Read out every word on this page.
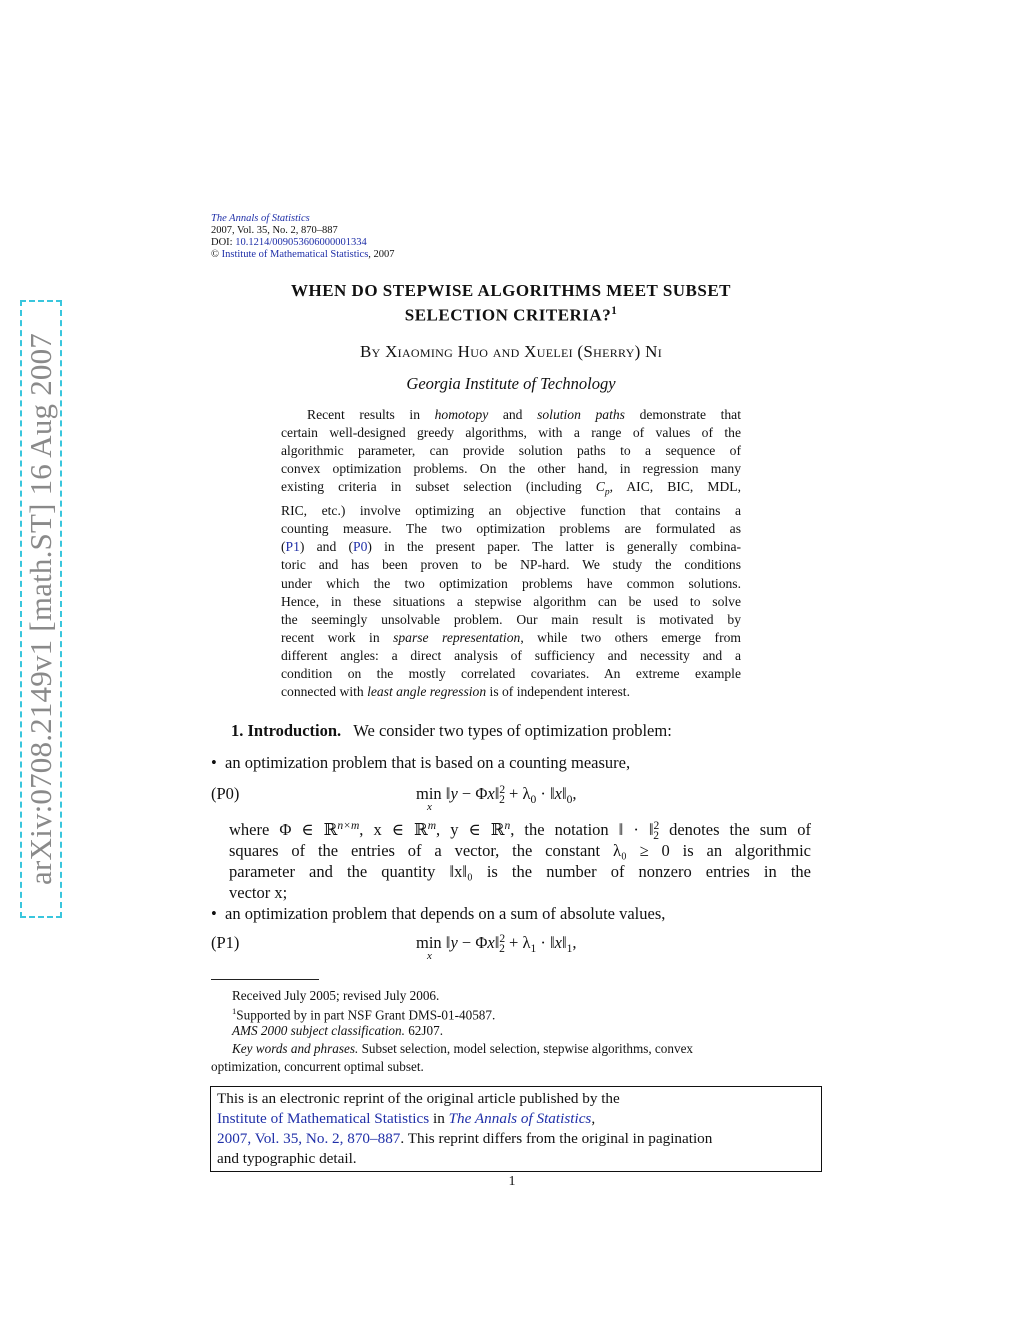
arXiv:0708.2149v1 [math.ST] 16 Aug 2007
The Annals of Statistics
2007, Vol. 35, No. 2, 870–887
DOI: 10.1214/009053606000001334
© Institute of Mathematical Statistics, 2007
WHEN DO STEPWISE ALGORITHMS MEET SUBSET
SELECTION CRITERIA?$^1$
By Xiaoming Huo and Xuelei (Sherry) Ni
Georgia Institute of Technology
Recent results in homotopy and solution paths demonstrate that
certain well-designed greedy algorithms, with a range of values of the
algorithmic parameter, can provide solution paths to a sequence of
convex optimization problems. On the other hand, in regression many
existing criteria in subset selection (including $C_p$, AIC, BIC, MDL,
RIC, etc.) involve optimizing an objective function that contains a
counting measure. The two optimization problems are formulated as
(P1) and (P0) in the present paper. The latter is generally combina-
toric and has been proven to be NP-hard. We study the conditions
under which the two optimization problems have common solutions.
Hence, in these situations a stepwise algorithm can be used to solve
the seemingly unsolvable problem. Our main result is motivated by
recent work in sparse representation, while two others emerge from
different angles: a direct analysis of sufficiency and necessity and a
condition on the mostly correlated covariates. An extreme example
connected with least angle regression is of independent interest.
1. Introduction. We consider two types of optimization problem:
• an optimization problem that is based on a counting measure,
(P0)	min ‖y − Φx‖$^2_2$ + $\lambda_0$ · $‖x‖_0$,
x
where Φ ∈ ℝ$^{n\times m}$, x ∈ ℝ$^m$, y ∈ ℝ$^n$, the notation ‖ · ‖$^2_2$ denotes the sum of
squares of the entries of a vector, the constant λ₀ ≥ 0 is an algorithmic
parameter and the quantity ‖x‖₀ is the number of nonzero entries in the
vector x;
• an optimization problem that depends on a sum of absolute values,
(P1)	min ‖y − Φx‖$^2_2$ + $\lambda_1$ · $‖x‖_1$,
x
Received July 2005; revised July 2006.
$^1$Supported by in part NSF Grant DMS-01-40587.
AMS 2000 subject classification. 62J07.
Key words and phrases. Subset selection, model selection, stepwise algorithms, convex
optimization, concurrent optimal subset.
This is an electronic reprint of the original article published by the
Institute of Mathematical Statistics in The Annals of Statistics,
2007, Vol. 35, No. 2, 870–887. This reprint differs from the original in pagination
and typographic detail.
1
